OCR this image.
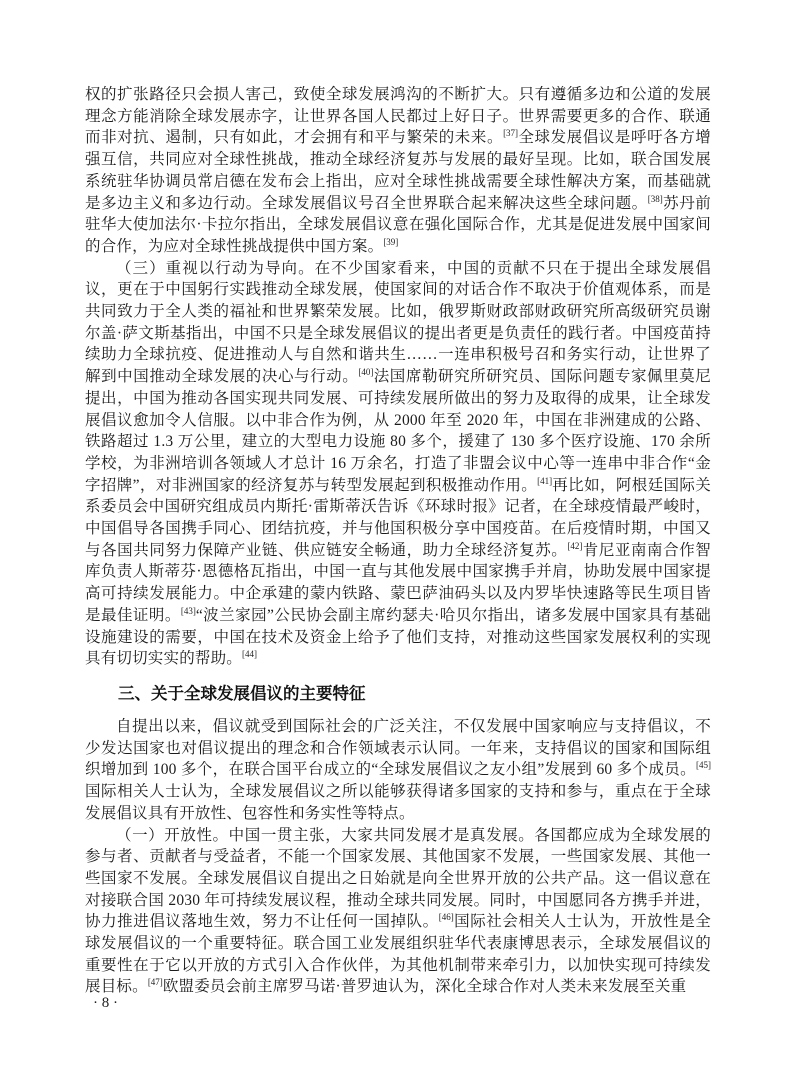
权的扩张路径只会损人害己，致使全球发展鸿沟的不断扩大。只有遵循多边和公道的发展理念方能消除全球发展赤字，让世界各国人民都过上好日子。世界需要更多的合作、联通而非对抗、遏制，只有如此，才会拥有和平与繁荣的未来。[37]全球发展倡议是呼吁各方增强互信，共同应对全球性挑战，推动全球经济复苏与发展的最好呈现。比如，联合国发展系统驻华协调员常启德在发布会上指出，应对全球性挑战需要全球性解决方案，而基础就是多边主义和多边行动。全球发展倡议号召全世界联合起来解决这些全球问题。[38]苏丹前驻华大使加法尔·卡拉尔指出，全球发展倡议意在强化国际合作，尤其是促进发展中国家间的合作，为应对全球性挑战提供中国方案。[39]

（三）重视以行动为导向。在不少国家看来，中国的贡献不只在于提出全球发展倡议，更在于中国躬行实践推动全球发展，使国家间的对话合作不取决于价值观体系，而是共同致力于全人类的福祉和世界繁荣发展。比如，俄罗斯财政部财政研究所高级研究员谢尔盖·萨文斯基指出，中国不只是全球发展倡议的提出者更是负责任的践行者。中国疫苗持续助力全球抗疫、促进推动人与自然和谐共生……一连串积极号召和务实行动，让世界了解到中国推动全球发展的决心与行动。[40]法国席勒研究所研究员、国际问题专家佩里莫尼提出，中国为推动各国实现共同发展、可持续发展所做出的努力及取得的成果，让全球发展倡议愈加令人信服。以中非合作为例，从 2000 年至 2020 年，中国在非洲建成的公路、铁路超过 1.3 万公里，建立的大型电力设施 80 多个，援建了 130 多个医疗设施、170 余所学校，为非洲培训各领域人才总计 16 万余名，打造了非盟会议中心等一连串中非合作“金字招牌”，对非洲国家的经济复苏与转型发展起到积极推动作用。[41]再比如，阿根廷国际关系委员会中国研究组成员内斯托·雷斯蒂沃告诉《环球时报》记者，在全球疫情最严峻时，中国倡导各国携手同心、团结抗疫，并与他国积极分享中国疫苗。在后疫情时期，中国又与各国共同努力保障产业链、供应链安全畅通，助力全球经济复苏。[42]肯尼亚南南合作智库负责人斯蒂芬·恩德格瓦指出，中国一直与其他发展中国家携手并肩，协助发展中国家提高可持续发展能力。中企承建的蒙内铁路、蒙巴萨油码头以及内罗毕快速路等民生项目皆是最佳证明。[43]“波兰家园”公民协会副主席约瑟夫·哈贝尔指出，诸多发展中国家具有基础设施建设的需要，中国在技术及资金上给予了他们支持，对推动这些国家发展权利的实现具有切切实实的帮助。[44]

三、关于全球发展倡议的主要特征

自提出以来，倡议就受到国际社会的广泛关注，不仅发展中国家响应与支持倡议，不少发达国家也对倡议提出的理念和合作领域表示认同。一年来，支持倡议的国家和国际组织增加到 100 多个，在联合国平台成立的“全球发展倡议之友小组”发展到 60 多个成员。[45]国际相关人士认为，全球发展倡议之所以能够获得诸多国家的支持和参与，重点在于全球发展倡议具有开放性、包容性和务实性等特点。

（一）开放性。中国一贯主张，大家共同发展才是真发展。各国都应成为全球发展的参与者、贡献者与受益者，不能一个国家发展、其他国家不发展，一些国家发展、其他一些国家不发展。全球发展倡议自提出之日始就是向全世界开放的公共产品。这一倡议意在对接联合国 2030 年可持续发展议程，推动全球共同发展。同时，中国愿同各方携手并进，协力推进倡议落地生效，努力不让任何一国掉队。[46]国际社会相关人士认为，开放性是全球发展倡议的一个重要特征。联合国工业发展组织驻华代表康博思表示，全球发展倡议的重要性在于它以开放的方式引入合作伙伴，为其他机制带来牵引力，以加快实现可持续发展目标。[47]欧盟委员会前主席罗马诺·普罗迪认为，深化全球合作对人类未来发展至关重

· 8 ·
